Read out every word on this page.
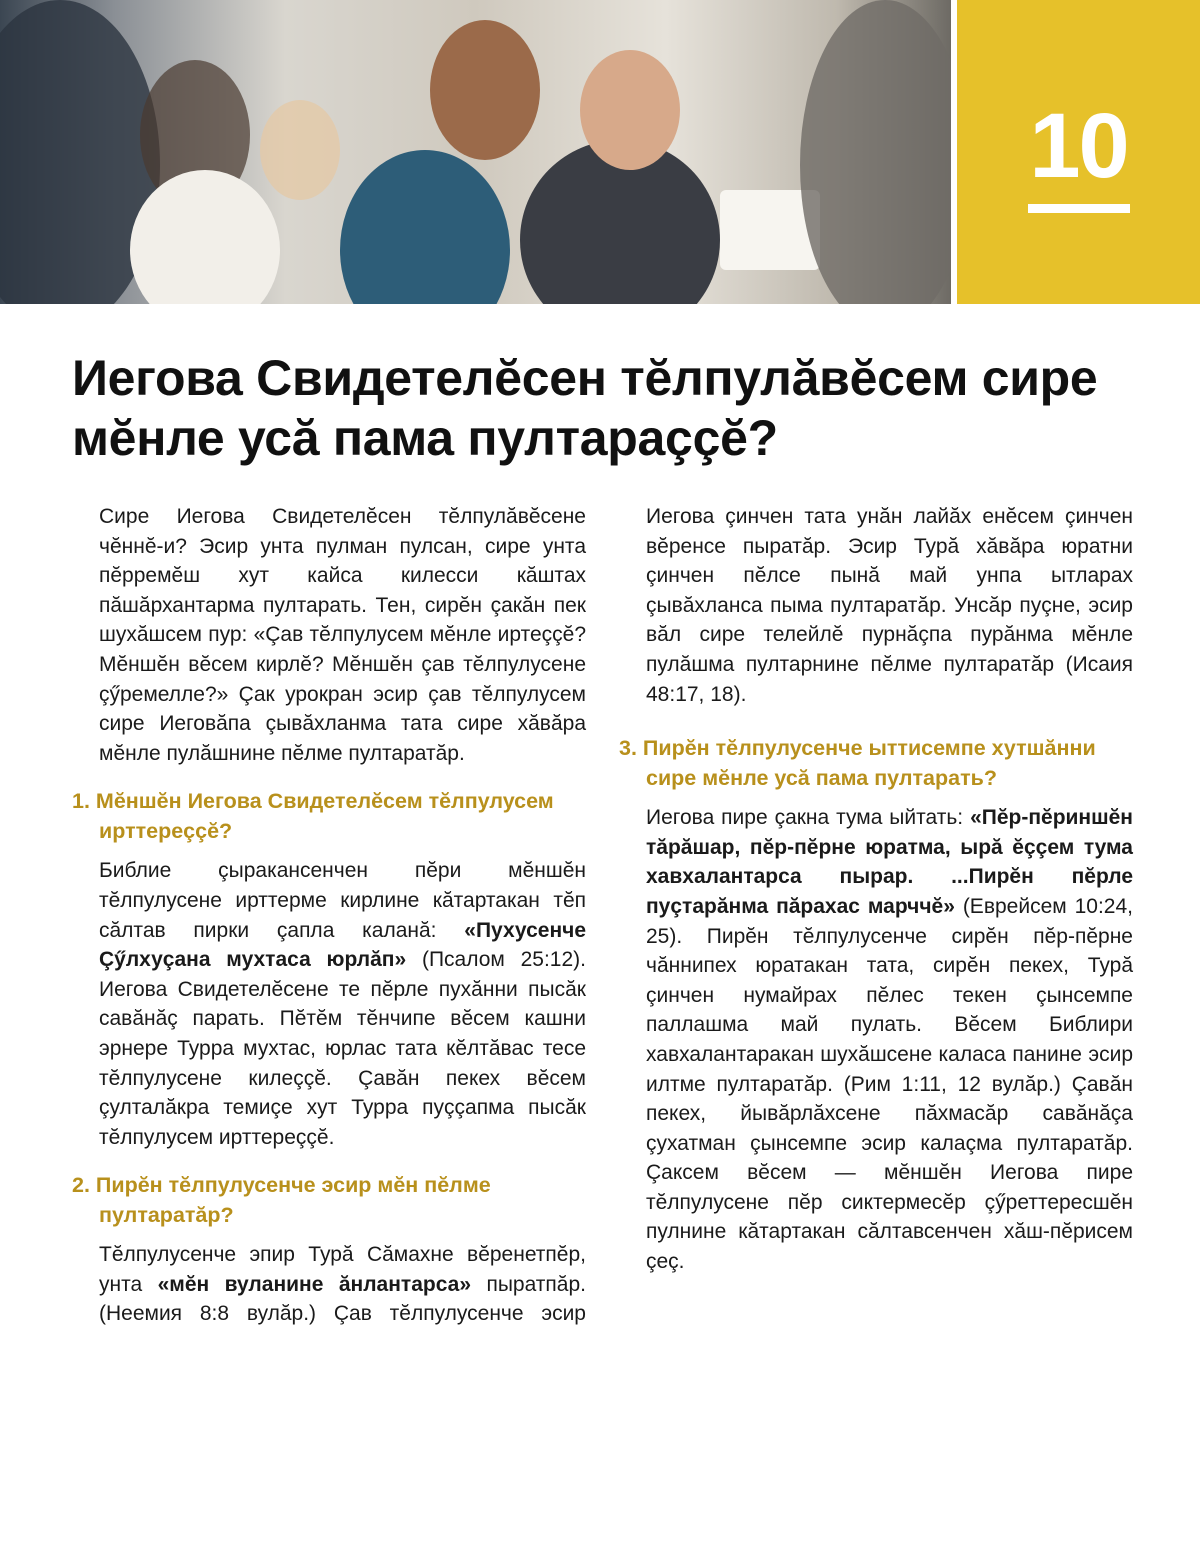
10
Иегова Свидетелӗсен тӗлпулӑвӗсем сире мӗнле усӑ пама пултараççӗ?

Сире Иегова Свидетелӗсен тӗлпулӑвӗсене чӗннӗ-и? Эсир унта пулман пулсан, сире унта пӗрремӗш хут кайса килесси кӑштах пӑшӑрхантарма пултарать. Тен, сирӗн çакӑн пек шухӑшсем пур: «Çав тӗлпулусем мӗнле иртеççӗ? Мӗншӗн вӗсем кирлӗ? Мӗншӗн çав тӗлпулусене çӳремелле?» Çак урокран эсир çав тӗлпулусем сире Иеговӑпа çывӑхланма тата сире хӑвӑра мӗнле пулӑшнине пӗлме пултаратӑр.

1. Мӗншӗн Иегова Свидетелӗсем тӗлпулусем ирттереççӗ?

Библие çыракансенчен пӗри мӗншӗн тӗлпулусене ирттерме кирлине кӑтартакан тӗп сӑлтав пирки çапла каланӑ: «Пухусенче Çӳлхуçана мухтаса юрлӑп» (Псалом 25:12). Иегова Свидетелӗсене те пӗрле пухӑнни пысӑк савӑнӑç парать. Пӗтӗм тӗнчипе вӗсем кашни эрнере Турра мухтас, юрлас тата кӗлтӑвас тесе тӗлпулусене килеççӗ. Çавӑн пекех вӗсем çулталӑкра темиçе хут Турра пуççапма пысӑк тӗлпулусем ирттереççӗ.

2. Пирӗн тӗлпулусенче эсир мӗн пӗлме пултаратӑр?

Тӗлпулусенче эпир Турӑ Сӑмахне вӗренетпӗр, унта «мӗн вуланине ӑнлантарса» пыратпӑр. (Неемия 8:8 вулӑр.) Çав тӗлпулусенче эсир

Иегова çинчен тата унӑн лайӑх енӗсем çинчен вӗренсе пыратӑр. Эсир Турӑ хӑвӑра юратни çинчен пӗлсе пынӑ май унпа ытларах çывӑхланса пыма пултаратӑр. Унсӑр пуçне, эсир вӑл сире телейлӗ пурнӑçпа пурӑнма мӗнле пулӑшма пултарнине пӗлме пултаратӑр (Исаия 48:17, 18).

3. Пирӗн тӗлпулусенче ыттисемпе хутшӑнни сире мӗнле усӑ пама пултарать?

Иегова пире çакна тума ыйтать: «Пӗр-пӗриншӗн тӑрӑшар, пӗр-пӗрне юратма, ырӑ ӗççем тума хавхалантарса пырар. ...Пирӗн пӗрле пуçтарӑнма пӑрахас марччӗ» (Еврейсем 10:24, 25). Пирӗн тӗлпулусенче сирӗн пӗр-пӗрне чӑннипех юратакан тата, сирӗн пекех, Турӑ çинчен нумайрах пӗлес текен çынсемпе паллашма май пулать. Вӗсем Библири хавхалантаракан шухӑшсене каласа панине эсир илтме пултаратӑр. (Рим 1:11, 12 вулӑр.) Çавӑн пекех, йывӑрлӑхсене пӑхмасӑр савӑнӑçа çухатман çынсемпе эсир калаçма пултаратӑр. Çаксем вӗсем — мӗншӗн Иегова пире тӗлпулусене пӗр сиктермесӗр çӳреттересшӗн пулнине кӑтартакан сӑлтавсенчен хӑш-пӗрисем çеç.
